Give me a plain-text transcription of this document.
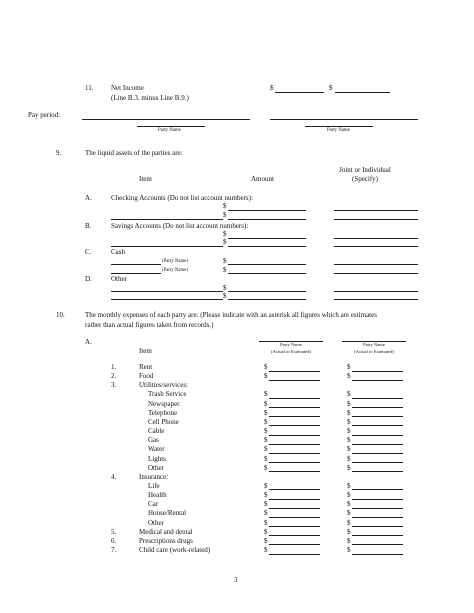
11.	Net Income
(Line B.3. minus Line B.9.)
$	$
Pay period:
Party Name	Party Name
9.	The liquid assets of the parties are:
Joint or Individual
(Specify)
Item	Amount
A.	Checking Accounts (Do not list account numbers):
$
$
B.	Savings Accounts (Do not list account numbers):
$
$
C.	Cash
(Party Name)	$
(Party Name)	$
D.	Other
$
$
10.	The monthly expenses of each party are: (Please indicate with an asterisk all figures which are estimates
rather than actual figures taken from records.)
A.
Item
Party Name
(Actual or Estimated)
Party Name
(Actual or Estimated)
1.	Rent	$	$
2.	Food	$	$
3.	Utilities/services:
Trash Service	$	$
Newspaper	$	$
Telephone	$	$
Cell Phone	$	$
Cable	$	$
Gas	$	$
Water	$	$
Lights	$	$
Other	$	$
4.	Insurance:
Life	$	$
Health	$	$
Car	$	$
House/Rental	$	$
Other	$	$
5.	Medical and dental	$	$
6.	Prescriptions drugs	$	$
7.	Child care (work-related)	$	$
3
